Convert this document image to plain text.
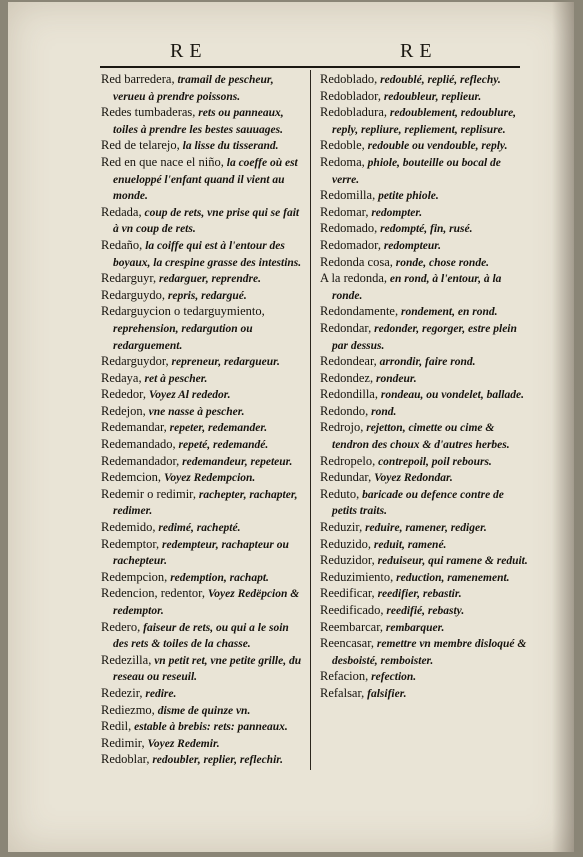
RE	RE
Red barredera, tramail de pescheur, verueu à prendre poissons.
Redes tumbaderas, rets ou panneaux, toiles à prendre les bestes sauuages.
Red de telarejo, la lisse du tisserand.
Red en que nace el niño, la coeffe où est enueloppé l'enfant quand il vient au monde.
Redada, coup de rets, vne prise qui se fait à vn coup de rets.
Redaño, la coiffe qui est à l'entour des boyaux, la crespine grasse des intestins.
Redarguyr, redarguer, reprendre.
Redarguydo, repris, redargué.
Redarguycion o tedarguymiento, reprehension, redargution ou redarguement.
Redarguydor, repreneur, redargueur.
Redaya, ret à pescher.
Rededor, Voyez Al rededor.
Redejon, vne nasse à pescher.
Redemandar, repeter, redemander.
Redemandado, repeté, redemandé.
Redemandador, redemandeur, repeteur.
Redemcion, Voyez Redempcion.
Redemir o redimir, rachepter, rachapter, redimer.
Redemido, redimé, rachepté.
Redemptor, redempteur, rachapteur ou rachepteur.
Redempcion, redemption, rachapt.
Redencion, redentor, Voyez Redëpcion & redemptor.
Redero, faiseur de rets, ou qui a le soin des rets & toiles de la chasse.
Redezilla, vn petit ret, vne petite grille, du reseau ou reseuil.
Redezir, redire.
Rediezmo, disme de quinze vn.
Redil, estable à brebis: rets: panneaux.
Redimir, Voyez Redemir.
Redoblar, redoubler, replier, reflechir.
Redoblado, redoublé, replié, reflechy.
Redoblador, redoubleur, replieur.
Redobladura, redoublement, redoublure, reply, repliure, repliement, replisure.
Redoble, redouble ou vendouble, reply.
Redoma, phiole, bouteille ou bocal de verre.
Redomilla, petite phiole.
Redomar, redompter.
Redomado, redompté, fin, rusé.
Redomador, redompteur.
Redonda cosa, ronde, chose ronde.
A la redonda, en rond, à l'entour, à la ronde.
Redondamente, rondement, en rond.
Redondar, redonder, regorger, estre plein par dessus.
Redondear, arrondir, faire rond.
Redondez, rondeur.
Redondilla, rondeau, ou vondelet, ballade.
Redondo, rond.
Redrojo, rejetton, cimette ou cime & tendron des choux & d'autres herbes.
Redropelo, contrepoil, poil rebours.
Redundar, Voyez Redondar.
Reduto, baricade ou defence contre de petits traits.
Reduzir, reduire, ramener, rediger.
Reduzido, reduit, ramené.
Reduzidor, reduiseur, qui ramene & reduit.
Reduzimiento, reduction, ramenement.
Reedificar, reedifier, rebastir.
Reedificado, reedifié, rebasty.
Reembarcar, rembarquer.
Reencasar, remettre vn membre disloqué & desboisté, remboister.
Refacion, refection.
Refalsar, falsifier.
